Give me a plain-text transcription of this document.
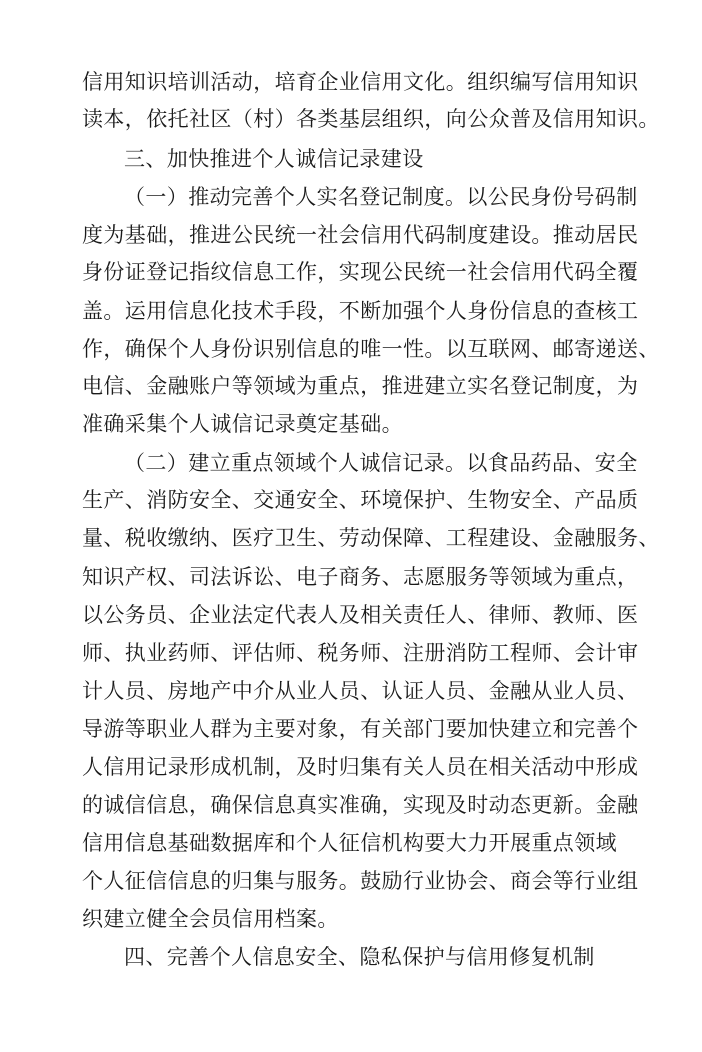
信用知识培训活动，培育企业信用文化。组织编写信用知识
读本，依托社区（村）各类基层组织，向公众普及信用知识。
三、加快推进个人诚信记录建设
（一）推动完善个人实名登记制度。以公民身份号码制
度为基础，推进公民统一社会信用代码制度建设。推动居民
身份证登记指纹信息工作，实现公民统一社会信用代码全覆
盖。运用信息化技术手段，不断加强个人身份信息的查核工
作，确保个人身份识别信息的唯一性。以互联网、邮寄递送、
电信、金融账户等领域为重点，推进建立实名登记制度，为
准确采集个人诚信记录奠定基础。
（二）建立重点领域个人诚信记录。以食品药品、安全
生产、消防安全、交通安全、环境保护、生物安全、产品质
量、税收缴纳、医疗卫生、劳动保障、工程建设、金融服务、
知识产权、司法诉讼、电子商务、志愿服务等领域为重点，
以公务员、企业法定代表人及相关责任人、律师、教师、医
师、执业药师、评估师、税务师、注册消防工程师、会计审
计人员、房地产中介从业人员、认证人员、金融从业人员、
导游等职业人群为主要对象，有关部门要加快建立和完善个
人信用记录形成机制，及时归集有关人员在相关活动中形成
的诚信信息，确保信息真实准确，实现及时动态更新。金融
信用信息基础数据库和个人征信机构要大力开展重点领域
个人征信信息的归集与服务。鼓励行业协会、商会等行业组
织建立健全会员信用档案。
四、完善个人信息安全、隐私保护与信用修复机制
